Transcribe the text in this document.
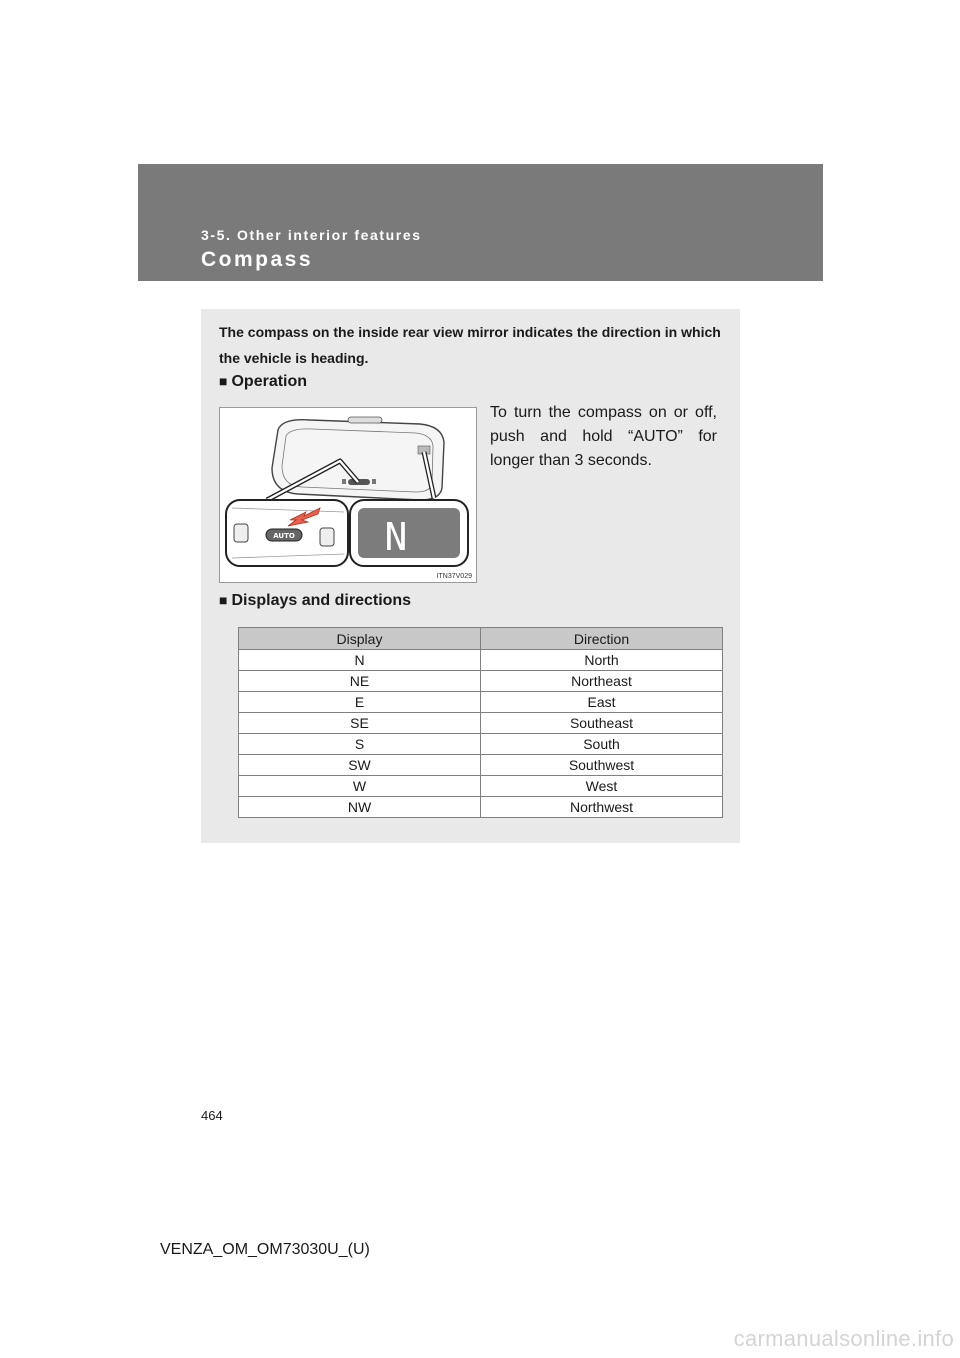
3-5. Other interior features
Compass
The compass on the inside rear view mirror indicates the direction in which the vehicle is heading.
■ Operation
AUTO N
ITN37V029
To turn the compass on or off, push and hold “AUTO” for longer than 3 seconds.
■ Displays and directions
Display	Direction
N	North
NE	Northeast
E	East
SE	Southeast
S	South
SW	Southwest
W	West
NW	Northwest
464
VENZA_OM_OM73030U_(U)
carmanualsonline.info
